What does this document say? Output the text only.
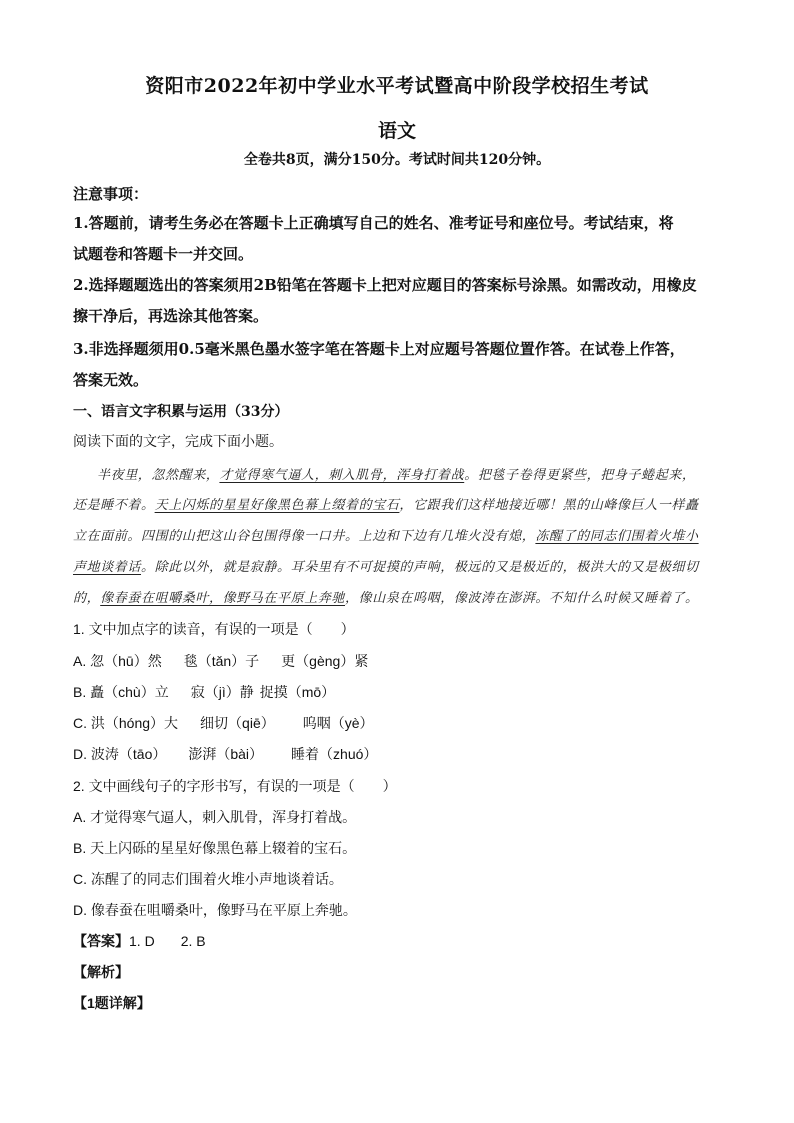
资阳市2022年初中学业水平考试暨高中阶段学校招生考试
语文
全卷共8页，满分150分。考试时间共120分钟。
注意事项：
1.答题前，请考生务必在答题卡上正确填写自己的姓名、准考证号和座位号。考试结束，将
试题卷和答题卡一并交回。
2.选择题题选出的答案须用2B铅笔在答题卡上把对应题目的答案标号涂黑。如需改动，用橡皮
擦干净后，再选涂其他答案。
3.非选择题须用0.5毫米黑色墨水签字笔在答题卡上对应题号答题位置作答。在试卷上作答，
答案无效。
一、语言文字积累与运用（33分）
阅读下面的文字，完成下面小题。
半夜里，忽然醒来，才觉得寒气逼人，刺入肌骨，浑身打着战。把毯子卷得更紧些，把身子蜷起来，
还是睡不着。天上闪烁的星星好像黑色幕上缀着的宝石，它跟我们这样地接近哪！黑的山峰像巨人一样矗
立在面前。四围的山把这山谷包围得像一口井。上边和下边有几堆火没有熄，冻醒了的同志们围着火堆小
声地谈着话。除此以外，就是寂静。耳朵里有不可捉摸的声响，极远的又是极近的，极洪大的又是极细切
的，像春蚕在咀嚼桑叶，像野马在平原上奔驰，像山泉在呜咽，像波涛在澎湃。不知什么时候又睡着了。
1. 文中加点字的读音，有误的一项是（　　）
A. 忽（hū）然 毯（tǎn）子 更（gèng）紧
B. 矗（chù）立 寂（jì）静 捉摸（mō）
C. 洪（hóng）大 细切（qiē） 呜咽（yè）
D. 波涛（tāo） 澎湃（bài） 睡着（zhuó）
2. 文中画线句子的字形书写，有误的一项是（　　）
A. 才觉得寒气逼人，刺入肌骨，浑身打着战。
B. 天上闪砾的星星好像黑色幕上辍着的宝石。
C. 冻醒了的同志们围着火堆小声地谈着话。
D. 像春蚕在咀嚼桑叶，像野马在平原上奔驰。
【答案】1. D 2. B
【解析】
【1题详解】
